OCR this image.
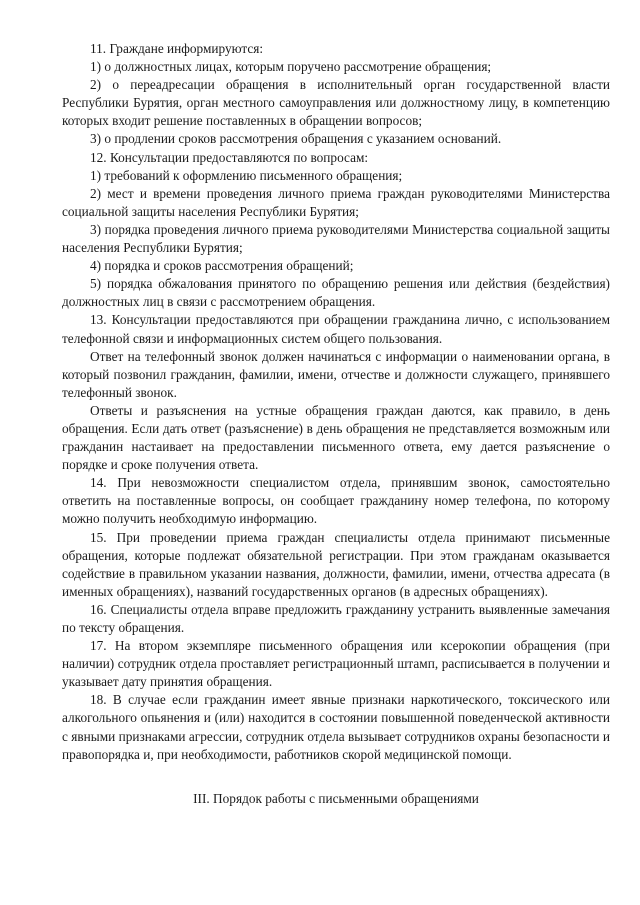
11. Граждане информируются:

1) о должностных лицах, которым поручено рассмотрение обращения;

2) о переадресации обращения в исполнительный орган государственной власти Республики Бурятия, орган местного самоуправления или должностному лицу, в компетенцию которых входит решение поставленных в обращении вопросов;

3) о продлении сроков рассмотрения обращения с указанием оснований.

12. Консультации предоставляются по вопросам:

1) требований к оформлению письменного обращения;

2) мест и времени проведения личного приема граждан руководителями Министерства социальной защиты населения Республики Бурятия;

3) порядка проведения личного приема руководителями Министерства социальной защиты населения Республики Бурятия;

4) порядка и сроков рассмотрения обращений;

5) порядка обжалования принятого по обращению решения или действия (бездействия) должностных лиц в связи с рассмотрением обращения.

13. Консультации предоставляются при обращении гражданина лично, с использованием телефонной связи и информационных систем общего пользования.

Ответ на телефонный звонок должен начинаться с информации о наименовании органа, в который позвонил гражданин, фамилии, имени, отчестве и должности служащего, принявшего телефонный звонок.

Ответы и разъяснения на устные обращения граждан даются, как правило, в день обращения. Если дать ответ (разъяснение) в день обращения не представляется возможным или гражданин настаивает на предоставлении письменного ответа, ему дается разъяснение о порядке и сроке получения ответа.

14. При невозможности специалистом отдела, принявшим звонок, самостоятельно ответить на поставленные вопросы, он сообщает гражданину номер телефона, по которому можно получить необходимую информацию.

15. При проведении приема граждан специалисты отдела принимают письменные обращения, которые подлежат обязательной регистрации. При этом гражданам оказывается содействие в правильном указании названия, должности, фамилии, имени, отчества адресата (в именных обращениях), названий государственных органов (в адресных обращениях).

16. Специалисты отдела вправе предложить гражданину устранить выявленные замечания по тексту обращения.

17. На втором экземпляре письменного обращения или ксерокопии обращения (при наличии) сотрудник отдела проставляет регистрационный штамп, расписывается в получении и указывает дату принятия обращения.

18. В случае если гражданин имеет явные признаки наркотического, токсического или алкогольного опьянения и (или) находится в состоянии повышенной поведенческой активности с явными признаками агрессии, сотрудник отдела вызывает сотрудников охраны безопасности и правопорядка и, при необходимости, работников скорой медицинской помощи.

III. Порядок работы с письменными обращениями
